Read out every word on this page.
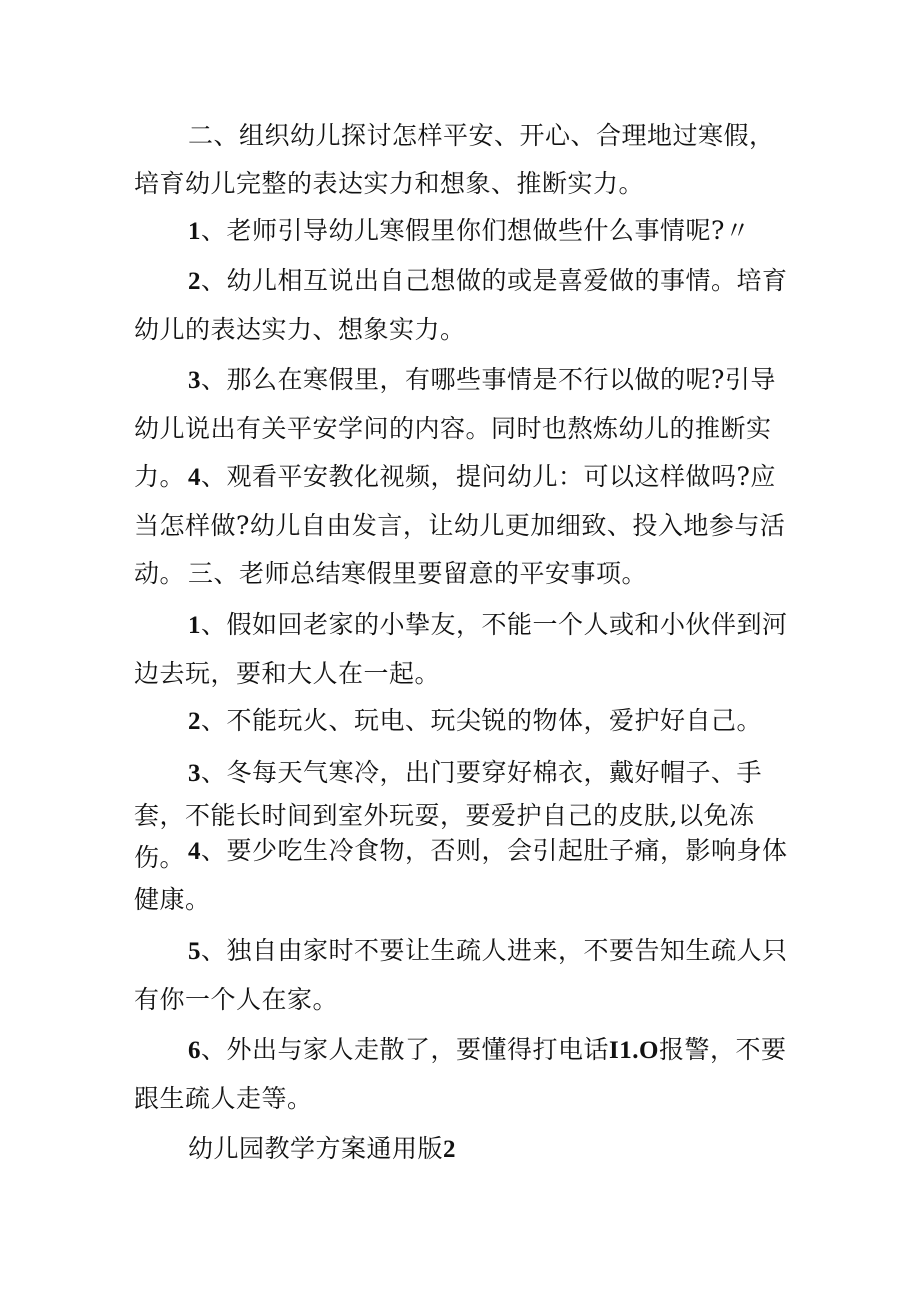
二、组织幼儿探讨怎样平安、开心、合理地过寒假，培育幼儿完整的表达实力和想象、推断实力。

1、老师引导幼儿寒假里你们想做些什么事情呢?〃

2、幼儿相互说出自己想做的或是喜爱做的事情。培育幼儿的表达实力、想象实力。

3、那么在寒假里，有哪些事情是不行以做的呢?引导幼儿说出有关平安学问的内容。同时也熬炼幼儿的推断实力。 4、观看平安教化视频，提问幼儿：可以这样做吗?应当怎样做?幼儿自由发言，让幼儿更加细致、投入地参与活动。 三、老师总结寒假里要留意的平安事项。

1、假如回老家的小挚友，不能一个人或和小伙伴到河边去玩，要和大人在一起。

2、不能玩火、玩电、玩尖锐的物体，爱护好自己。

3、冬每天气寒冷，出门要穿好棉衣，戴好帽子、手套，不能长时间到室外玩耍，要爱护自己的皮肤,以免冻伤。 4、要少吃生冷食物，否则，会引起肚子痛，影响身体健康。

5、独自由家时不要让生疏人进来，不要告知生疏人只有你一个人在家。

6、外出与家人走散了，要懂得打电话I1.O报警，不要跟生疏人走等。

幼儿园教学方案通用版2
